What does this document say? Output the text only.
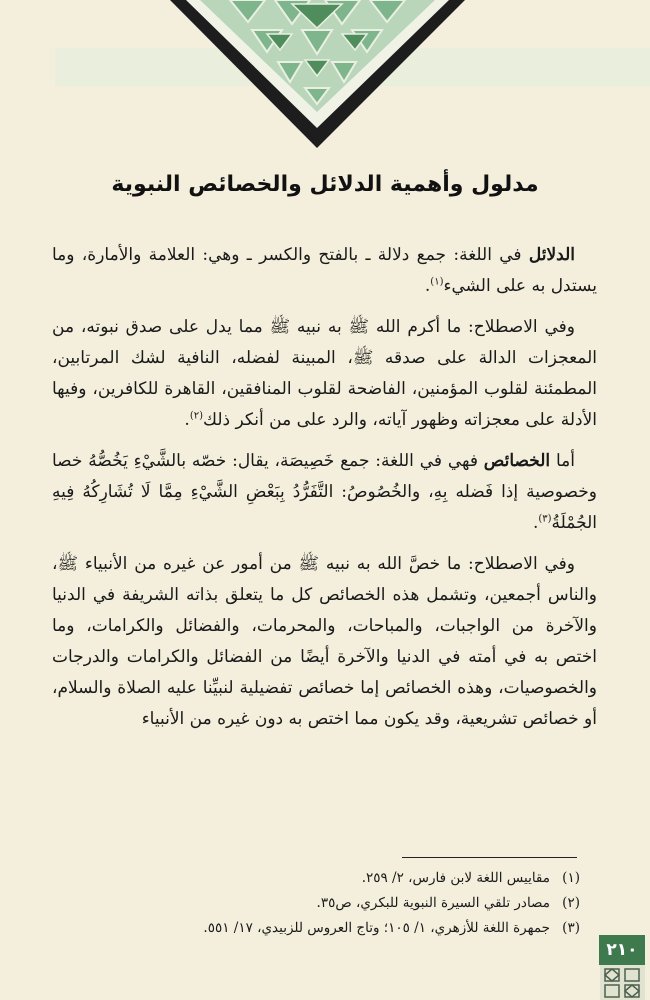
مدلول وأهمية الدلائل والخصائص النبوية

الدلائل في اللغة: جمع دلالة ـ بالفتح والكسر ـ وهي: العلامة والأمارة، وما يستدل به على الشيء$^{(١)}$.

وفي الاصطلاح: ما أكرم الله ﷺ به نبيه ﷺ مما يدل على صدق نبوته، من المعجزات الدالة على صدقه ﷺ، المبينة لفضله، النافية لشك المرتابين، المطمئنة لقلوب المؤمنين، الفاضحة لقلوب المنافقين، القاهرة للكافرين، وفيها الأدلة على معجزاته وظهور آياته، والرد على من أنكر ذلك$^{(٢)}$.

أما الخصائص فهي في اللغة: جمع خَصِيصَة، يقال: خصّه بالشَّيْءِ يَخُصُّهُ خصا وخصوصية إذا فَضله بِهِ، والخُصُوصُ: التَّفَرُّدُ بِبَعْضِ الشَّيْءِ مِمَّا لَا تُشَارِكُهُ فِيهِ الجُمْلَةُ$^{(٣)}$.

وفي الاصطلاح: ما خصَّ الله به نبيه ﷺ من أمور عن غيره من الأنبياء ﷺ، والناس أجمعين، وتشمل هذه الخصائص كل ما يتعلق بذاته الشريفة في الدنيا والآخرة من الواجبات، والمباحات، والمحرمات، والفضائل والكرامات، وما اختص به في أمته في الدنيا والآخرة أيضًا من الفضائل والكرامات والدرجات والخصوصيات، وهذه الخصائص إما خصائص تفضيلية لنبيِّنا عليه الصلاة والسلام، أو خصائص تشريعية، وقد يكون مما اختص به دون غيره من الأنبياء

(١)
مقاييس اللغة لابن فارس، ٢/ ٢٥٩.
(٢)
مصادر تلقي السيرة النبوية للبكري، ص٣٥.
(٣)
جمهرة اللغة للأزهري، ١/ ١٠٥؛ وتاج العروس للزبيدي، ١٧/ ٥٥١.
٢١٠
